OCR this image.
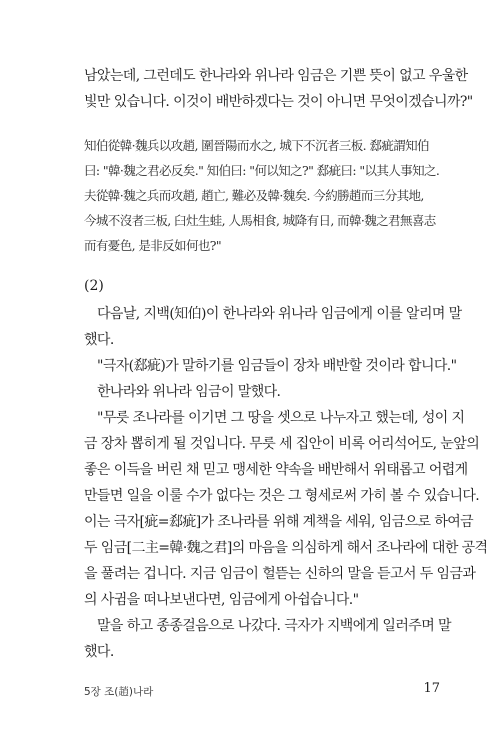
남았는데, 그런데도 한나라와 위나라 임금은 기쁜 뜻이 없고 우울한
빛만 있습니다. 이것이 배반하겠다는 것이 아니면 무엇이겠습니까?"
知伯從韓·魏兵以攻趙, 圍晉陽而水之, 城下不沉者三板. 郄疵謂知伯
曰: "韓·魏之君必反矣." 知伯曰: "何以知之?" 郄疵曰: "以其人事知之.
夫從韓·魏之兵而攻趙, 趙亡, 難必及韓·魏矣. 今約勝趙而三分其地,
今城不沒者三板, 臼灶生蛙, 人馬相食, 城降有日, 而韓·魏之君無喜志
而有憂色, 是非反如何也?"
(2)
다음날, 지백(知伯)이 한나라와 위나라 임금에게 이를 알리며 말
했다.
"극자(郄疵)가 말하기를 임금들이 장차 배반할 것이라 합니다."
한나라와 위나라 임금이 말했다.
"무릇 조나라를 이기면 그 땅을 셋으로 나누자고 했는데, 성이 지
금 장차 뽑히게 될 것입니다. 무릇 세 집안이 비록 어리석어도, 눈앞의
좋은 이득을 버린 채 믿고 맹세한 약속을 배반해서 위태롭고 어렵게
만들면 일을 이룰 수가 없다는 것은 그 형세로써 가히 볼 수 있습니다.
이는 극자[疵=郄疵]가 조나라를 위해 계책을 세워, 임금으로 하여금
두 임금[二主=韓·魏之君]의 마음을 의심하게 해서 조나라에 대한 공격
을 풀려는 겁니다. 지금 임금이 헐뜯는 신하의 말을 듣고서 두 임금과
의 사귐을 떠나보낸다면, 임금에게 아쉽습니다."
말을 하고 종종걸음으로 나갔다. 극자가 지백에게 일러주며 말
했다.
5장 조(趙)나라	17
